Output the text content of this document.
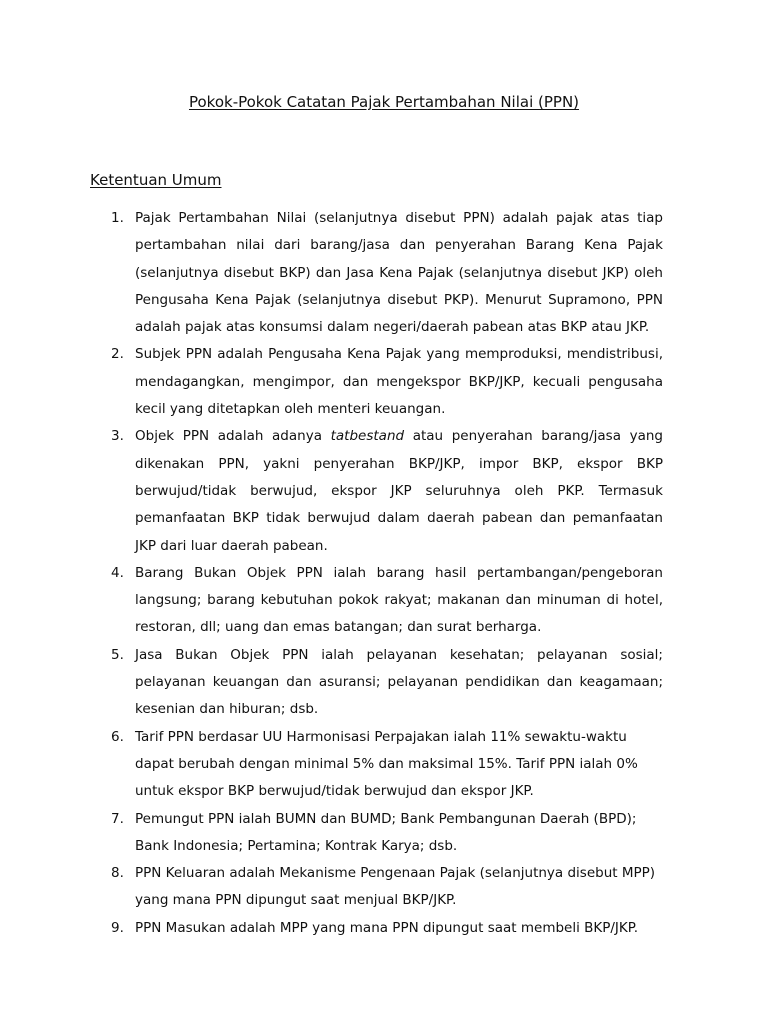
Pokok-Pokok Catatan Pajak Pertambahan Nilai (PPN)
Ketentuan Umum
1. Pajak Pertambahan Nilai (selanjutnya disebut PPN) adalah pajak atas tiap pertambahan nilai dari barang/jasa dan penyerahan Barang Kena Pajak (selanjutnya disebut BKP) dan Jasa Kena Pajak (selanjutnya disebut JKP) oleh Pengusaha Kena Pajak (selanjutnya disebut PKP). Menurut Supramono, PPN adalah pajak atas konsumsi dalam negeri/daerah pabean atas BKP atau JKP.
2. Subjek PPN adalah Pengusaha Kena Pajak yang memproduksi, mendistribusi, mendagangkan, mengimpor, dan mengekspor BKP/JKP, kecuali pengusaha kecil yang ditetapkan oleh menteri keuangan.
3. Objek PPN adalah adanya tatbestand atau penyerahan barang/jasa yang dikenakan PPN, yakni penyerahan BKP/JKP, impor BKP, ekspor BKP berwujud/tidak berwujud, ekspor JKP seluruhnya oleh PKP. Termasuk pemanfaatan BKP tidak berwujud dalam daerah pabean dan pemanfaatan JKP dari luar daerah pabean.
4. Barang Bukan Objek PPN ialah barang hasil pertambangan/pengeboran langsung; barang kebutuhan pokok rakyat; makanan dan minuman di hotel, restoran, dll; uang dan emas batangan; dan surat berharga.
5. Jasa Bukan Objek PPN ialah pelayanan kesehatan; pelayanan sosial; pelayanan keuangan dan asuransi; pelayanan pendidikan dan keagamaan; kesenian dan hiburan; dsb.
6. Tarif PPN berdasar UU Harmonisasi Perpajakan ialah 11% sewaktu-waktu dapat berubah dengan minimal 5% dan maksimal 15%. Tarif PPN ialah 0% untuk ekspor BKP berwujud/tidak berwujud dan ekspor JKP.
7. Pemungut PPN ialah BUMN dan BUMD; Bank Pembangunan Daerah (BPD); Bank Indonesia; Pertamina; Kontrak Karya; dsb.
8. PPN Keluaran adalah Mekanisme Pengenaan Pajak (selanjutnya disebut MPP) yang mana PPN dipungut saat menjual BKP/JKP.
9. PPN Masukan adalah MPP yang mana PPN dipungut saat membeli BKP/JKP.
